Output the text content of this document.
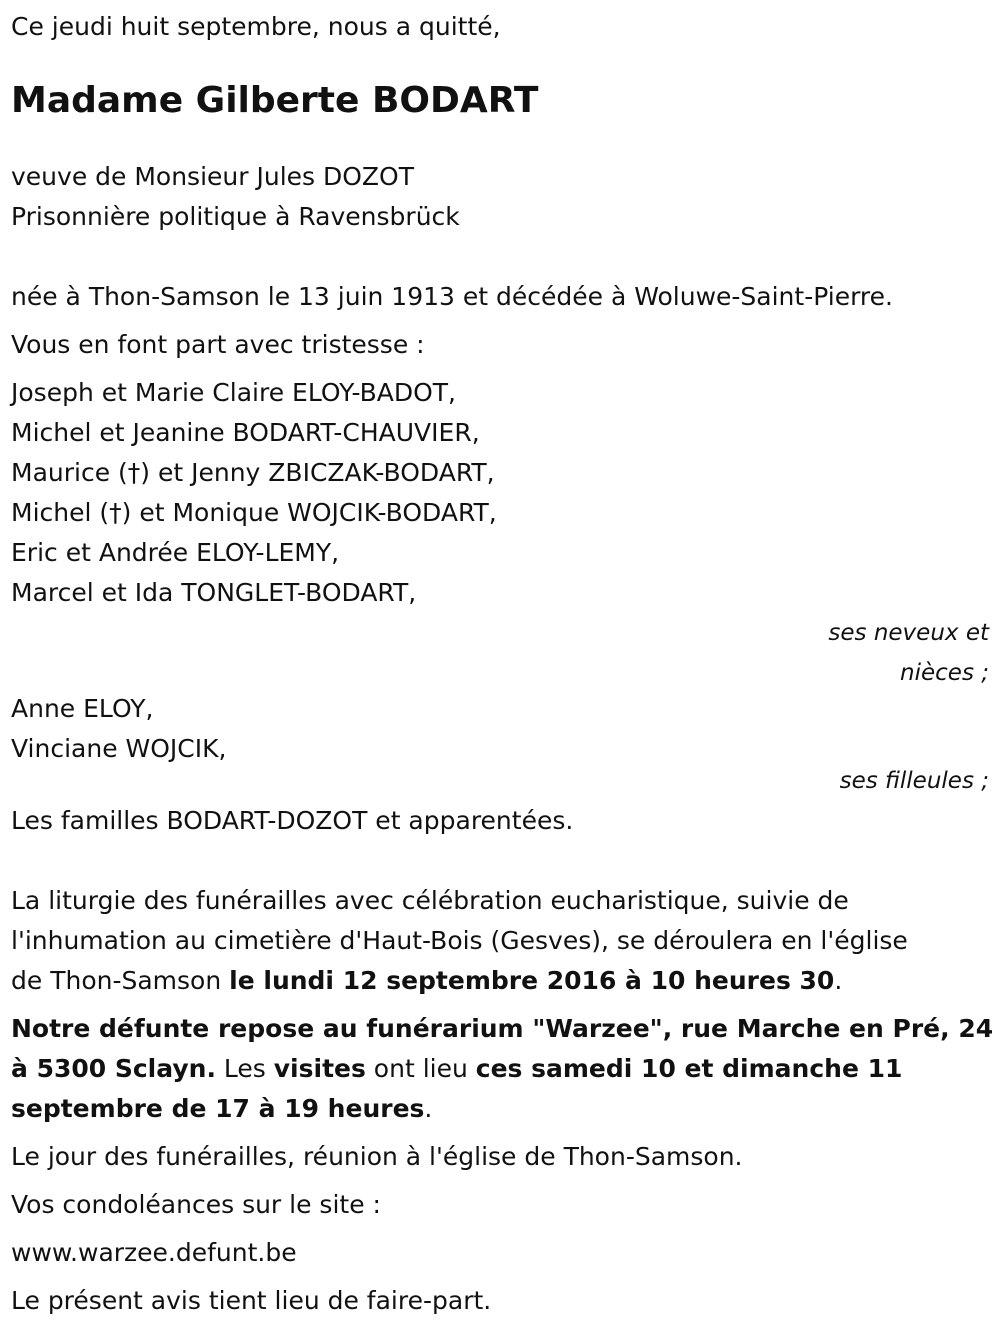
Ce jeudi huit septembre, nous a quitté,
Madame Gilberte BODART
veuve de Monsieur Jules DOZOT
Prisonnière politique à Ravensbrück
née à Thon-Samson le 13 juin 1913 et décédée à Woluwe-Saint-Pierre.
Vous en font part avec tristesse :
Joseph et Marie Claire ELOY-BADOT,
Michel et Jeanine BODART-CHAUVIER,
Maurice (†) et Jenny ZBICZAK-BODART,
Michel (†) et Monique WOJCIK-BODART,
Eric et Andrée ELOY-LEMY,
Marcel et Ida TONGLET-BODART,
ses neveux et
nièces ;
Anne ELOY,
Vinciane WOJCIK,
ses filleules ;
Les familles BODART-DOZOT et apparentées.
La liturgie des funérailles avec célébration eucharistique, suivie de
l'inhumation au cimetière d'Haut-Bois (Gesves), se déroulera en l'église
de Thon-Samson le lundi 12 septembre 2016 à 10 heures 30.
Notre défunte repose au funérarium "Warzee", rue Marche en Pré, 24
à 5300 Sclayn. Les visites ont lieu ces samedi 10 et dimanche 11
septembre de 17 à 19 heures.
Le jour des funérailles, réunion à l'église de Thon-Samson.
Vos condoléances sur le site :
www.warzee.defunt.be
Le présent avis tient lieu de faire-part.
